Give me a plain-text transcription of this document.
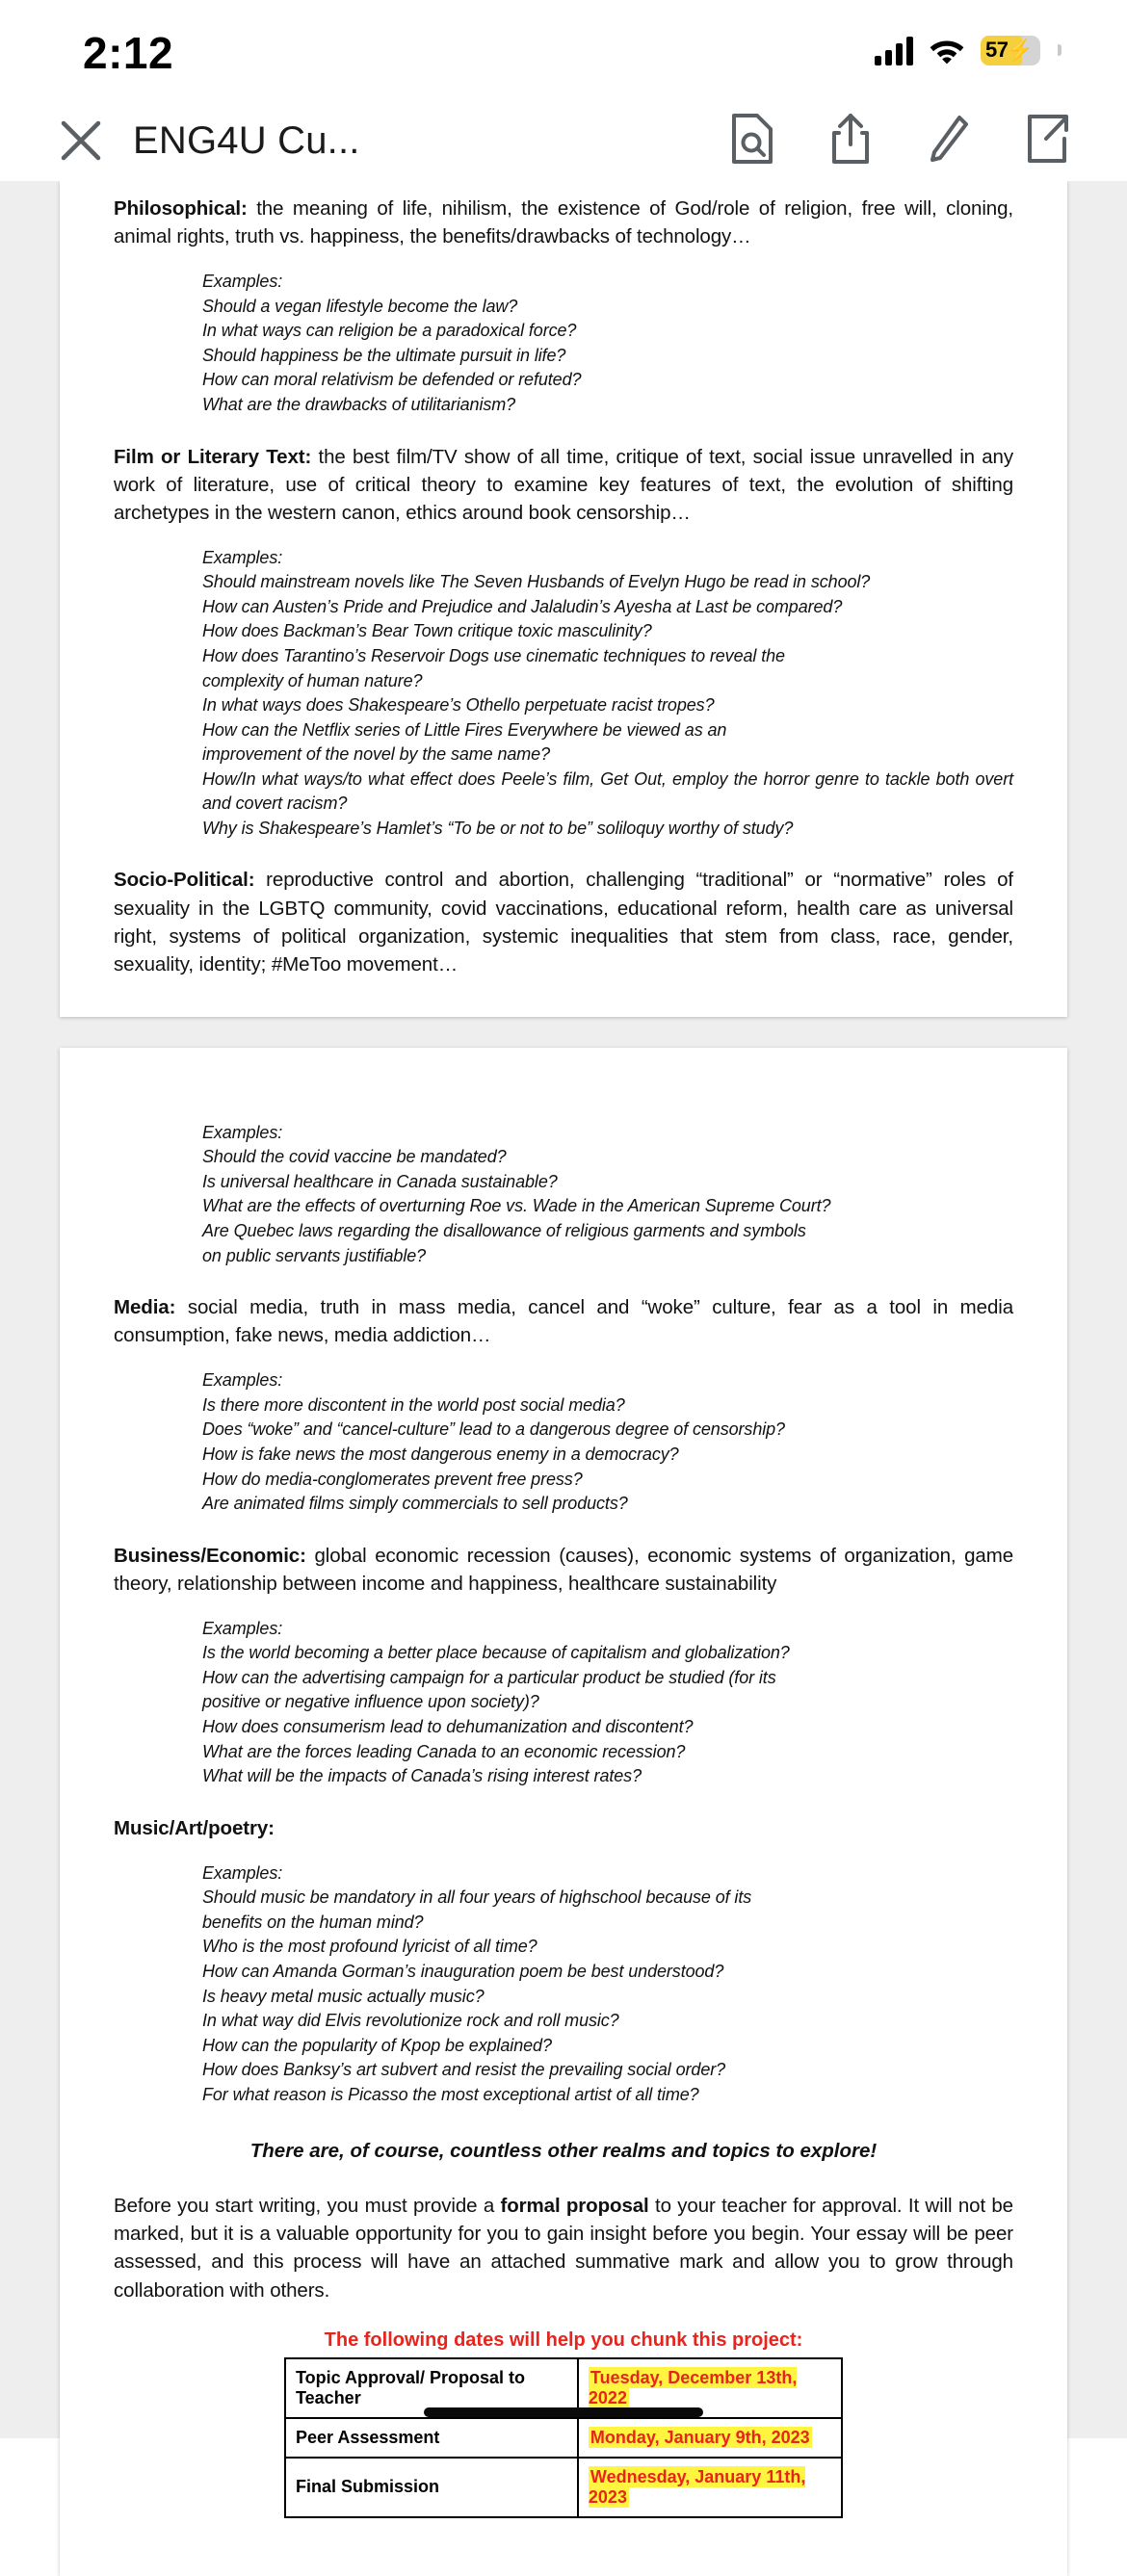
2:12	57 ⚡
ENG4U Cu...

Philosophical: the meaning of life, nihilism, the existence of God/role of religion, free will, cloning, animal rights, truth vs. happiness, the benefits/drawbacks of technology…

Examples:
Should a vegan lifestyle become the law?
In what ways can religion be a paradoxical force?
Should happiness be the ultimate pursuit in life?
How can moral relativism be defended or refuted?
What are the drawbacks of utilitarianism?

Film or Literary Text: the best film/TV show of all time, critique of text, social issue unravelled in any work of literature, use of critical theory to examine key features of text, the evolution of shifting archetypes in the western canon, ethics around book censorship…

Examples:
Should mainstream novels like The Seven Husbands of Evelyn Hugo be read in school?
How can Austen’s Pride and Prejudice and Jalaludin’s Ayesha at Last be compared?
How does Backman’s Bear Town critique toxic masculinity?
How does Tarantino’s Reservoir Dogs use cinematic techniques to reveal the complexity of human nature?
In what ways does Shakespeare’s Othello perpetuate racist tropes?
How can the Netflix series of Little Fires Everywhere be viewed as an improvement of the novel by the same name?
How/In what ways/to what effect does Peele’s film, Get Out, employ the horror genre to tackle both overt and covert racism?
Why is Shakespeare’s Hamlet’s “To be or not to be” soliloquy worthy of study?

Socio-Political: reproductive control and abortion, challenging “traditional” or “normative” roles of sexuality in the LGBTQ community, covid vaccinations, educational reform, health care as universal right, systems of political organization, systemic inequalities that stem from class, race, gender, sexuality, identity; #MeToo movement…

Examples:
Should the covid vaccine be mandated?
Is universal healthcare in Canada sustainable?
What are the effects of overturning Roe vs. Wade in the American Supreme Court?
Are Quebec laws regarding the disallowance of religious garments and symbols on public servants justifiable?

Media: social media, truth in mass media, cancel and “woke” culture, fear as a tool in media consumption, fake news, media addiction…

Examples:
Is there more discontent in the world post social media?
Does “woke” and “cancel-culture” lead to a dangerous degree of censorship?
How is fake news the most dangerous enemy in a democracy?
How do media-conglomerates prevent free press?
Are animated films simply commercials to sell products?

Business/Economic: global economic recession (causes), economic systems of organization, game theory, relationship between income and happiness, healthcare sustainability

Examples:
Is the world becoming a better place because of capitalism and globalization?
How can the advertising campaign for a particular product be studied (for its positive or negative influence upon society)?
How does consumerism lead to dehumanization and discontent?
What are the forces leading Canada to an economic recession?
What will be the impacts of Canada’s rising interest rates?

Music/Art/poetry:

Examples:
Should music be mandatory in all four years of highschool because of its benefits on the human mind?
Who is the most profound lyricist of all time?
How can Amanda Gorman’s inauguration poem be best understood?
Is heavy metal music actually music?
In what way did Elvis revolutionize rock and roll music?
How can the popularity of Kpop be explained?
How does Banksy’s art subvert and resist the prevailing social order?
For what reason is Picasso the most exceptional artist of all time?
There are, of course, countless other realms and topics to explore!

Before you start writing, you must provide a formal proposal to your teacher for approval. It will not be marked, but it is a valuable opportunity for you to gain insight before you begin. Your essay will be peer assessed, and this process will have an attached summative mark and allow you to grow through collaboration with others.

The following dates will help you chunk this project:
Topic Approval/ Proposal to Teacher	Tuesday, December 13th, 2022
Peer Assessment	Monday, January 9th, 2023
Final Submission	Wednesday, January 11th, 2023
